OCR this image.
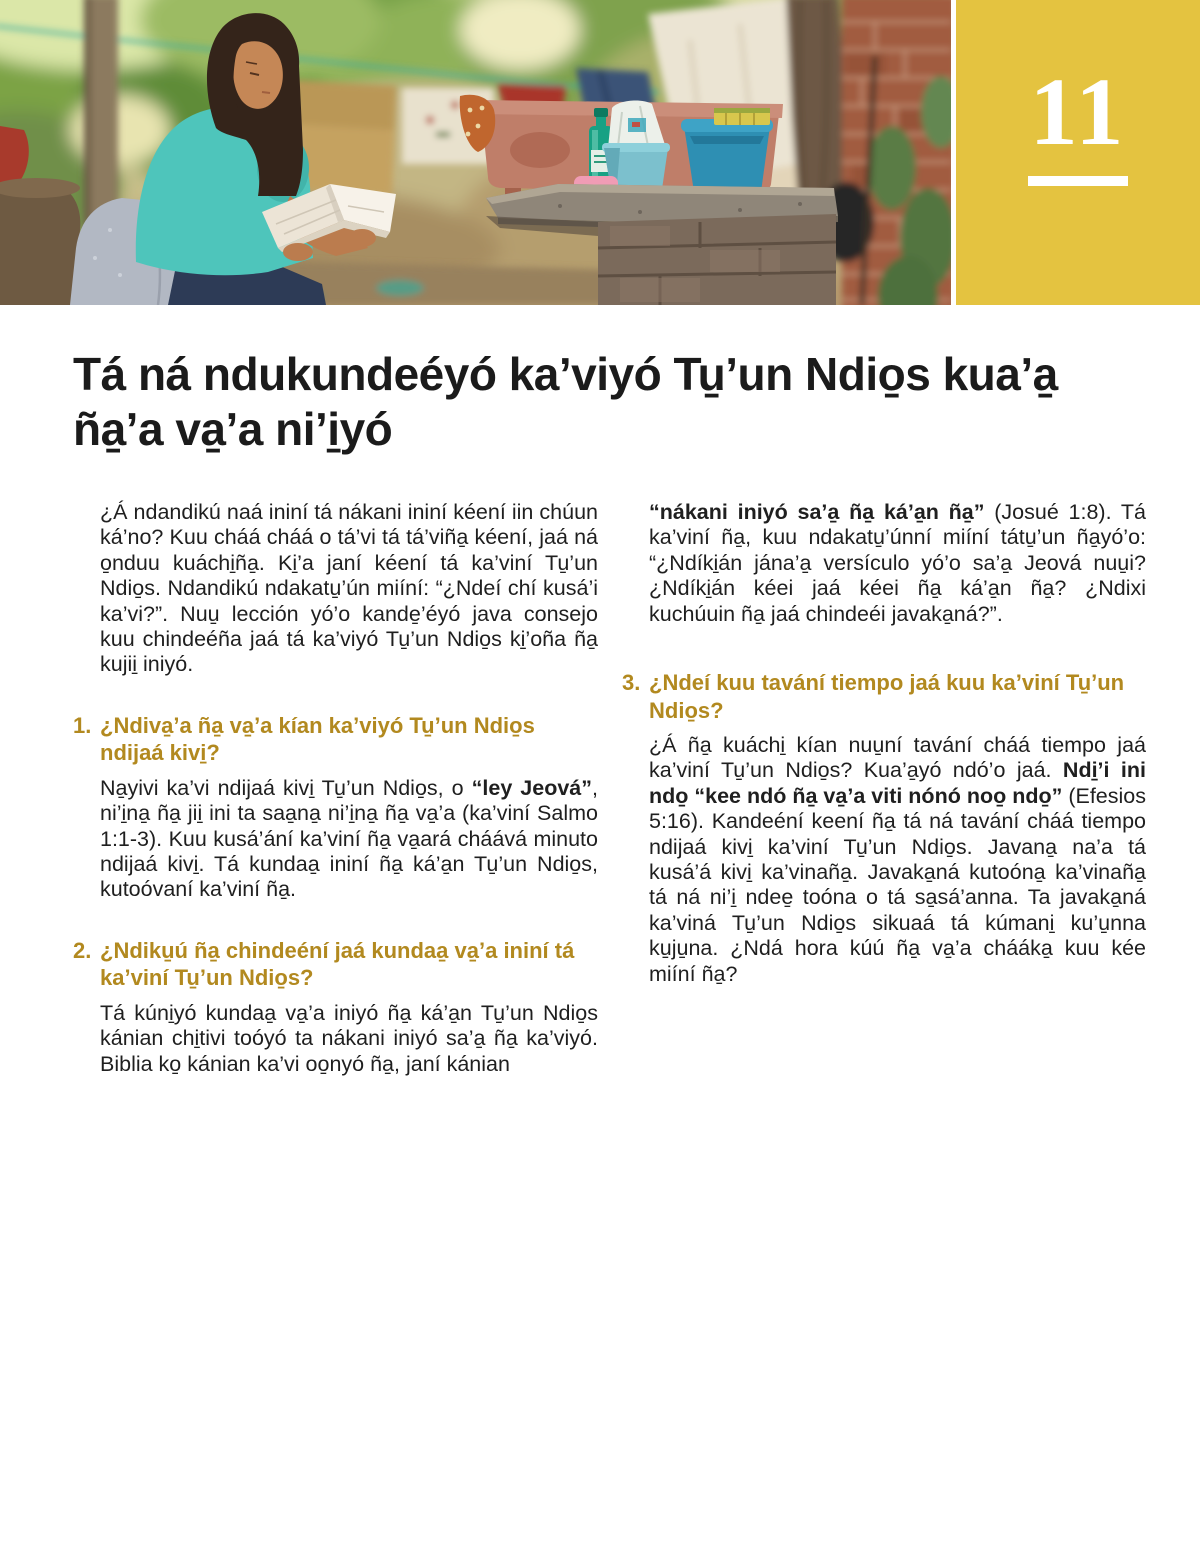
11
Tá ná ndukundeéyó ka’viyó Tu̱’un Ndio̱s kua’a̱ ña̱’a va̱’a ni’i̱yó

¿Á ndandikú naá ininí tá nákani ininí kéení iin chúun ká’no? Kuu cháá cháá o tá’vi tá tá’viña̱ kéení, jaá ná o̱nduu kuáchi̱ña̱. Ki̱’a janí kéení tá ka’viní Tu̱’un Ndio̱s. Ndandikú ndakatu̱’ún miíní: “¿Ndeí chí kusá’i ka’vi?”. Nuu̱ lección yó’o kande̱’éyó java consejo kuu chindeéña jaá tá ka’viyó Tu̱’un Ndio̱s ki̱’oña ña̱ kujii̱ iniyó.

1. ¿Ndiva̱’a ña̱ va̱’a kían ka’viyó Tu̱’un Ndio̱s ndijaá kivi̱?

Na̱yivi ka’vi ndijaá kivi̱ Tu̱’un Ndio̱s, o “ley Jeová”, ni’i̱na̱ ña̱ jii̱ ini ta saa̱na̱ ni’i̱na̱ ña̱ va̱’a (ka’viní Salmo 1:1-3). Kuu kusá’ání ka’viní ña̱ va̱ará cháává minuto ndijaá kivi̱. Tá kundaa̱ ininí ña̱ ká’a̱n Tu̱’un Ndio̱s, kutoóvaní ka’viní ña̱.

2. ¿Ndiku̱ú ña̱ chindeéní jaá kundaa̱ va̱’a ininí tá ka’viní Tu̱’un Ndio̱s?

Tá kúni̱yó kundaa̱ va̱’a iniyó ña̱ ká’a̱n Tu̱’un Ndio̱s kánian chi̱tivi toóyó ta nákani iniyó sa’a̱ ña̱ ka’viyó. Biblia ko̱ kánian ka’vi oo̱nyó ña̱, janí kánian

“nákani iniyó sa’a̱ ña̱ ká’a̱n ña̱” (Josué 1:8). Tá ka’viní ña̱, kuu ndakatu̱’únní miíní tátu̱’un ña̱yó’o: “¿Ndíki̱án jána’a̱ versículo yó’o sa’a̱ Jeová nuu̱i? ¿Ndíki̱án kéei jaá kéei ña̱ ká’a̱n ña̱? ¿Ndixi kuchúuin ña̱ jaá chindeéi javaka̱ná?”.

3. ¿Ndeí kuu tavání tiempo jaá kuu ka’viní Tu̱’un Ndio̱s?

¿Á ña̱ kuáchi̱ kían nuu̱ní tavání cháá tiempo jaá ka’viní Tu̱’un Ndio̱s? Kua’a̱yó ndó’o jaá. Ndi̱’i ini ndo̱ “kee ndó ña̱ va̱’a viti nónó noo̱ ndo̱” (Efesios 5:16). Kandeéní keení ña̱ tá ná tavání cháá tiempo ndijaá kivi̱ ka’viní Tu̱’un Ndio̱s. Javana̱ na’a tá kusá’á kivi̱ ka’vinaña̱. Javaka̱ná kutoóna̱ ka’vinaña̱ tá ná ni’i̱ ndee̱ toóna o tá sa̱sá’anna. Ta javaka̱ná ka’viná Tu̱’un Ndio̱s sikuaá tá kúmani̱ ku’u̱nna ku̱ju̱na. ¿Ndá hora kúú ña̱ va̱’a chááka̱ kuu kée miíní ña̱?
